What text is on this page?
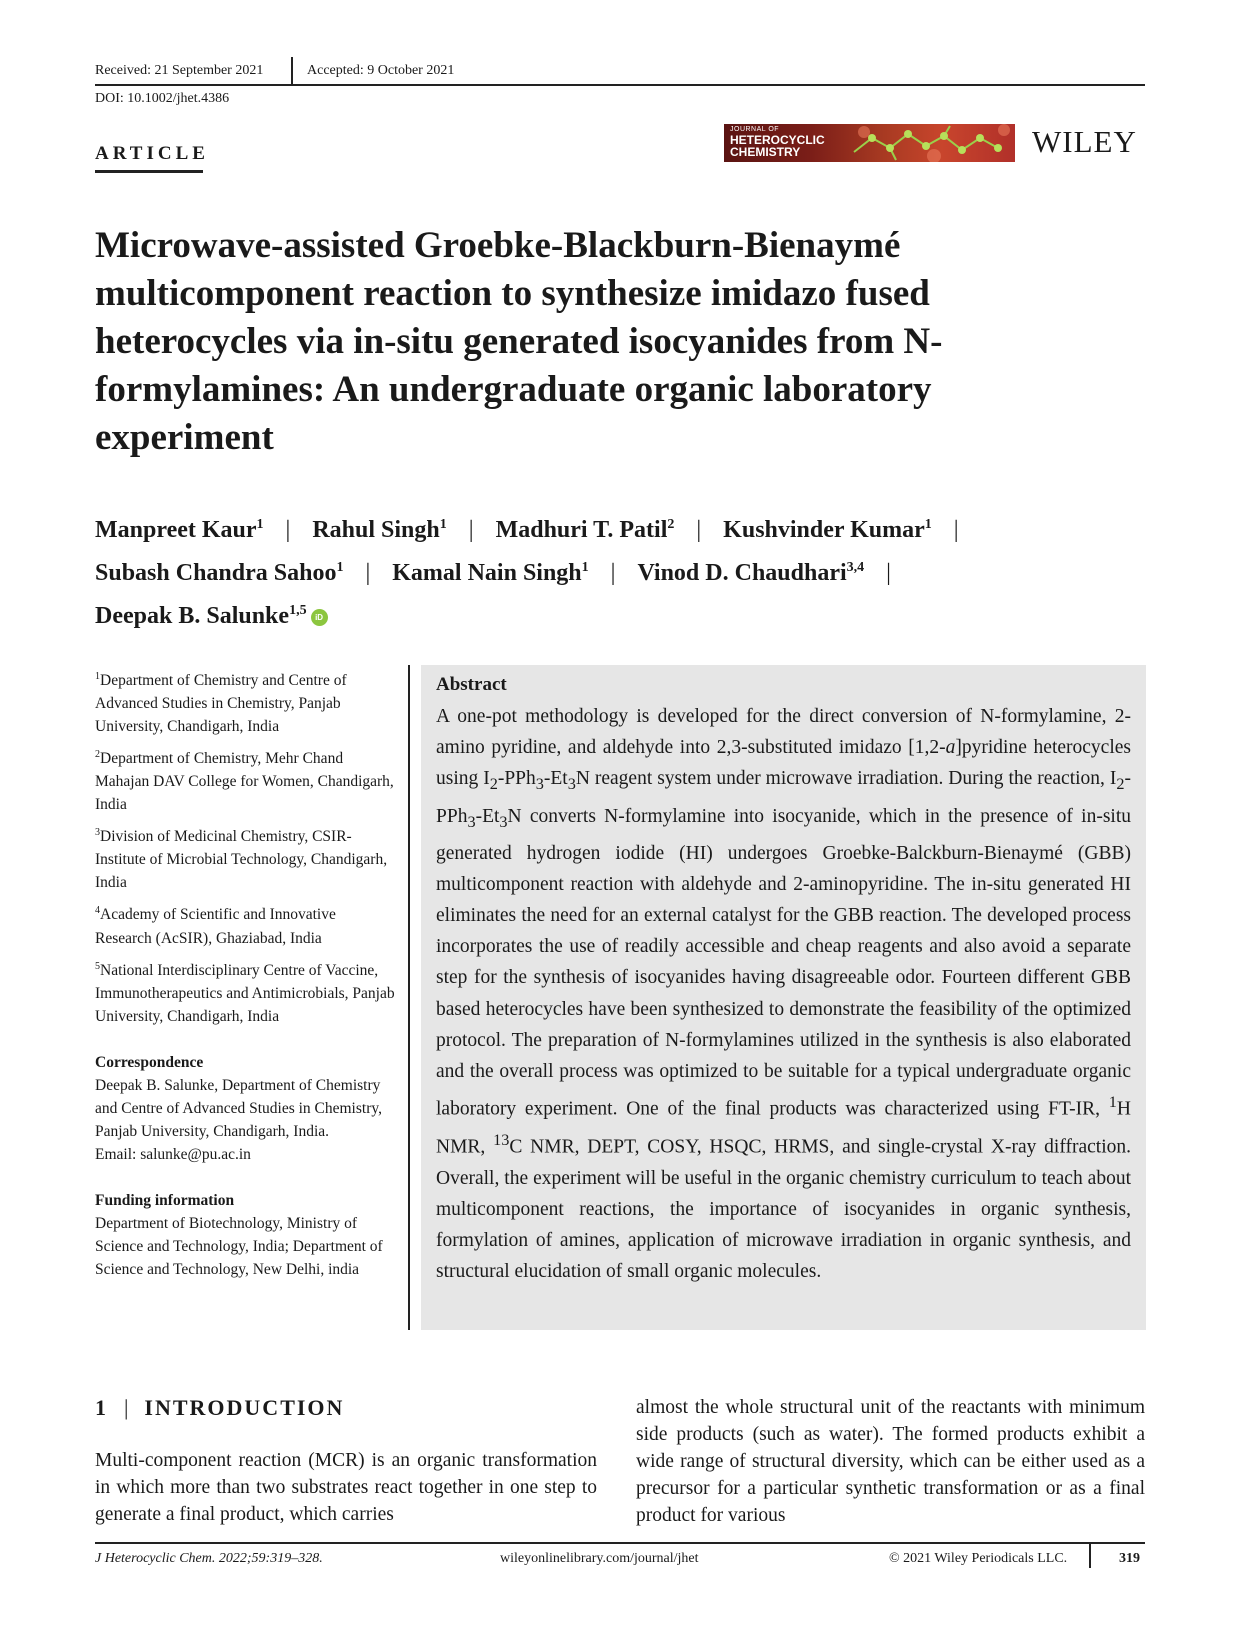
Received: 21 September 2021	Accepted: 9 October 2021
DOI: 10.1002/jhet.4386
ARTICLE
JOURNAL OF
HETEROCYCLIC
CHEMISTRY	WILEY
Microwave-assisted Groebke-Blackburn-Bienaymé multicomponent reaction to synthesize imidazo fused heterocycles via in-situ generated isocyanides from N-formylamines: An undergraduate organic laboratory experiment
Manpreet Kaur$^1$ | Rahul Singh$^1$ | Madhuri T. Patil$^2$ | Kushvinder Kumar$^1$ |
Subash Chandra Sahoo$^1$ | Kamal Nain Singh$^1$ | Vinod D. Chaudhari$^{3,4}$ |
Deepak B. Salunke$^{1,5}$ iD
$^1$Department of Chemistry and Centre of Advanced Studies in Chemistry, Panjab University, Chandigarh, India
$^2$Department of Chemistry, Mehr Chand Mahajan DAV College for Women, Chandigarh, India
$^3$Division of Medicinal Chemistry, CSIR-Institute of Microbial Technology, Chandigarh, India
$^4$Academy of Scientific and Innovative Research (AcSIR), Ghaziabad, India
$^5$National Interdisciplinary Centre of Vaccine, Immunotherapeutics and Antimicrobials, Panjab University, Chandigarh, India
Correspondence
Deepak B. Salunke, Department of Chemistry and Centre of Advanced Studies in Chemistry, Panjab University, Chandigarh, India.
Email: salunke@pu.ac.in
Funding information
Department of Biotechnology, Ministry of Science and Technology, India; Department of Science and Technology, New Delhi, india
Abstract
A one-pot methodology is developed for the direct conversion of N-formylamine, 2-amino pyridine, and aldehyde into 2,3-substituted imidazo [1,2-a]pyridine heterocycles using $I_2-PPh_3-Et_3N$ reagent system under microwave irradiation. During the reaction, $I_2-PPh_3-Et_3N$ converts N-formylamine into isocyanide, which in the presence of in-situ generated hydrogen iodide (HI) undergoes Groebke-Balckburn-Bienaymé (GBB) multicomponent reaction with aldehyde and 2-aminopyridine. The in-situ generated HI eliminates the need for an external catalyst for the GBB reaction. The developed process incorporates the use of readily accessible and cheap reagents and also avoid a separate step for the synthesis of isocyanides having disagreeable odor. Fourteen different GBB based heterocycles have been synthesized to demonstrate the feasibility of the optimized protocol. The preparation of N-formylamines utilized in the synthesis is also elaborated and the overall process was optimized to be suitable for a typical undergraduate organic laboratory experiment. One of the final products was characterized using FT-IR, $^1$H NMR, $^{13}$C NMR, DEPT, COSY, HSQC, HRMS, and single-crystal X-ray diffraction. Overall, the experiment will be useful in the organic chemistry curriculum to teach about multicomponent reactions, the importance of isocyanides in organic synthesis, formylation of amines, application of microwave irradiation in organic synthesis, and structural elucidation of small organic molecules.
1 | INTRODUCTION
Multi-component reaction (MCR) is an organic transformation in which more than two substrates react together in one step to generate a final product, which carries
almost the whole structural unit of the reactants with minimum side products (such as water). The formed products exhibit a wide range of structural diversity, which can be either used as a precursor for a particular synthetic transformation or as a final product for various
J Heterocyclic Chem. 2022;59:319–328.	wileyonlinelibrary.com/journal/jhet	© 2021 Wiley Periodicals LLC.	319
